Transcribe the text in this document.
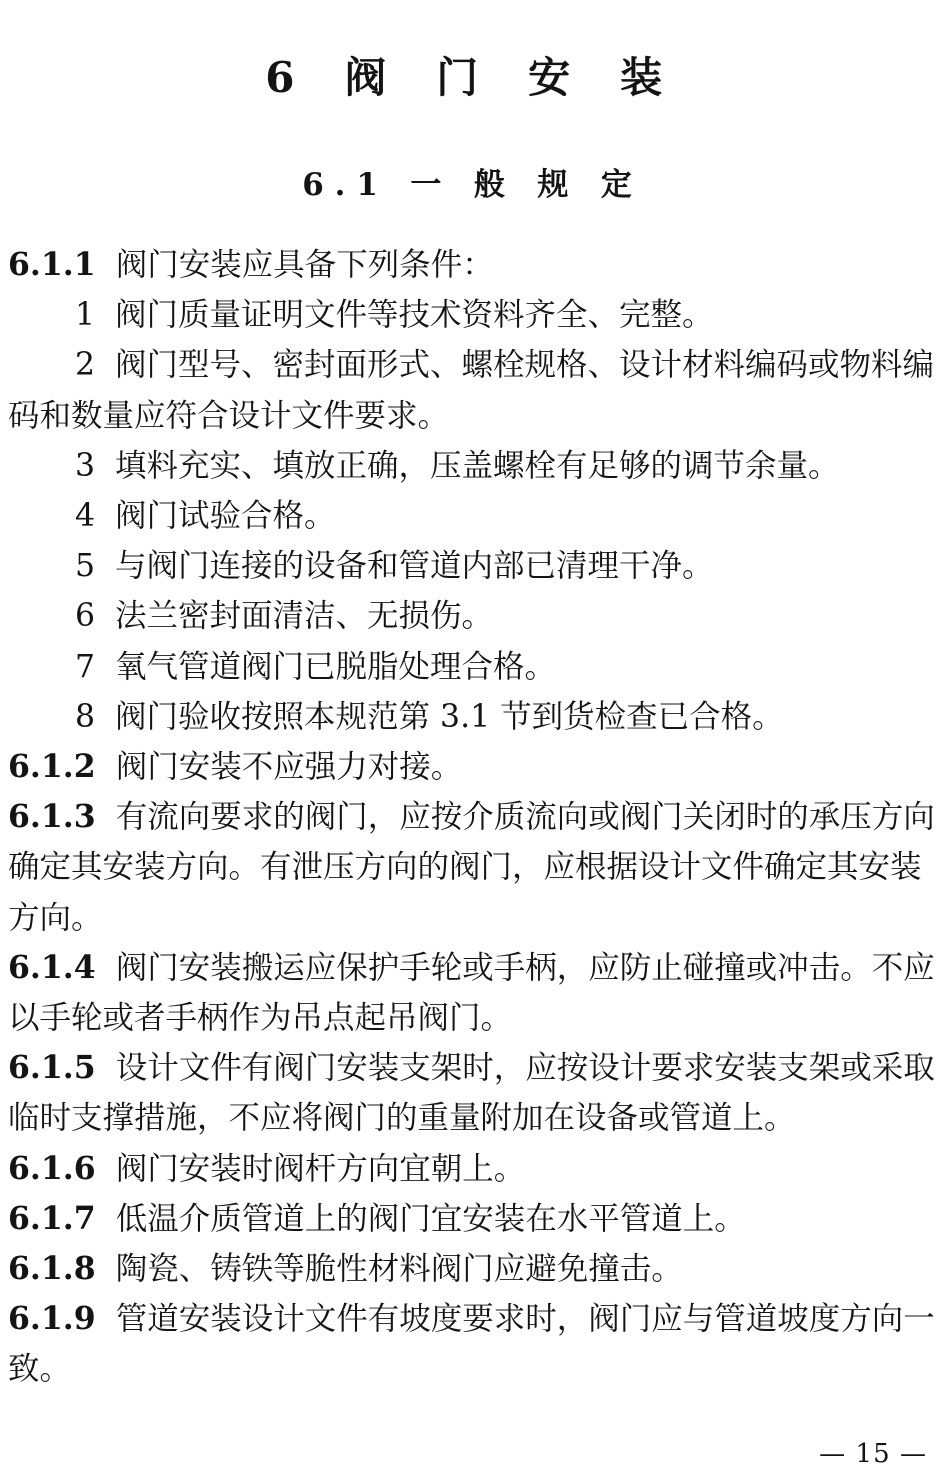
6 阀 门 安 装
6.1 一 般 规 定

6.1.1 阀门安装应具备下列条件：

1 阀门质量证明文件等技术资料齐全、完整。

2 阀门型号、密封面形式、螺栓规格、设计材料编码或物料编码和数量应符合设计文件要求。

3 填料充实、填放正确，压盖螺栓有足够的调节余量。

4 阀门试验合格。

5 与阀门连接的设备和管道内部已清理干净。

6 法兰密封面清洁、无损伤。

7 氧气管道阀门已脱脂处理合格。

8 阀门验收按照本规范第 3.1 节到货检查已合格。

6.1.2 阀门安装不应强力对接。

6.1.3 有流向要求的阀门，应按介质流向或阀门关闭时的承压方向确定其安装方向。有泄压方向的阀门，应根据设计文件确定其安装方向。

6.1.4 阀门安装搬运应保护手轮或手柄，应防止碰撞或冲击。不应以手轮或者手柄作为吊点起吊阀门。

6.1.5 设计文件有阀门安装支架时，应按设计要求安装支架或采取临时支撑措施，不应将阀门的重量附加在设备或管道上。

6.1.6 阀门安装时阀杆方向宜朝上。

6.1.7 低温介质管道上的阀门宜安装在水平管道上。

6.1.8 陶瓷、铸铁等脆性材料阀门应避免撞击。

6.1.9 管道安装设计文件有坡度要求时，阀门应与管道坡度方向一致。

— 15 —
